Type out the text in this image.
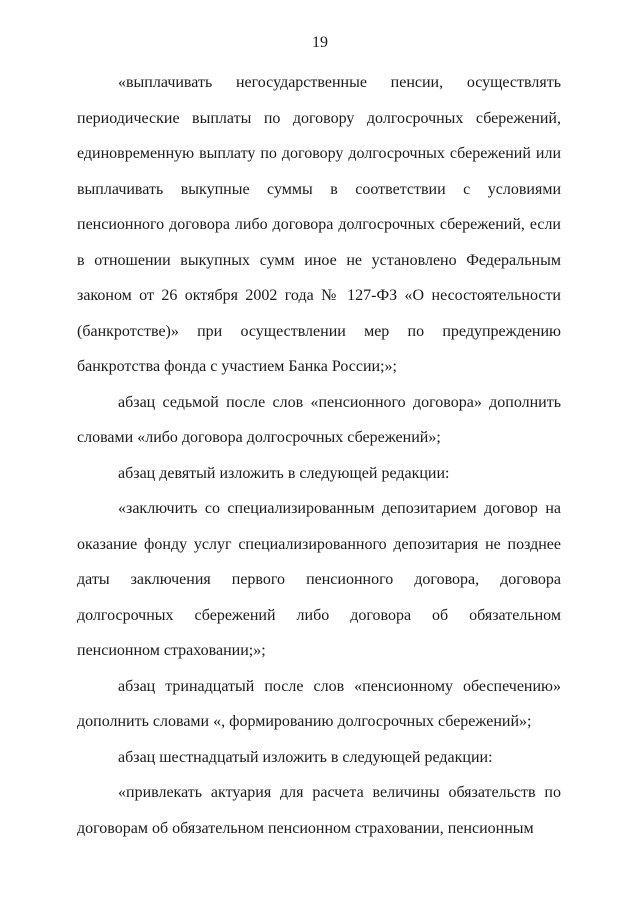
19

«выплачивать негосударственные пенсии, осуществлять периодические выплаты по договору долгосрочных сбережений, единовременную выплату по договору долгосрочных сбережений или выплачивать выкупные суммы в соответствии с условиями пенсионного договора либо договора долгосрочных сбережений, если в отношении выкупных сумм иное не установлено Федеральным законом от 26 октября 2002 года № 127-ФЗ «О несостоятельности (банкротстве)» при осуществлении мер по предупреждению банкротства фонда с участием Банка России;»;

абзац седьмой после слов «пенсионного договора» дополнить словами «либо договора долгосрочных сбережений»;

абзац девятый изложить в следующей редакции:

«заключить со специализированным депозитарием договор на оказание фонду услуг специализированного депозитария не позднее даты заключения первого пенсионного договора, договора долгосрочных сбережений либо договора об обязательном пенсионном страховании;»;

абзац тринадцатый после слов «пенсионному обеспечению» дополнить словами «, формированию долгосрочных сбережений»;

абзац шестнадцатый изложить в следующей редакции:

«привлекать актуария для расчета величины обязательств по договорам об обязательном пенсионном страховании, пенсионным
